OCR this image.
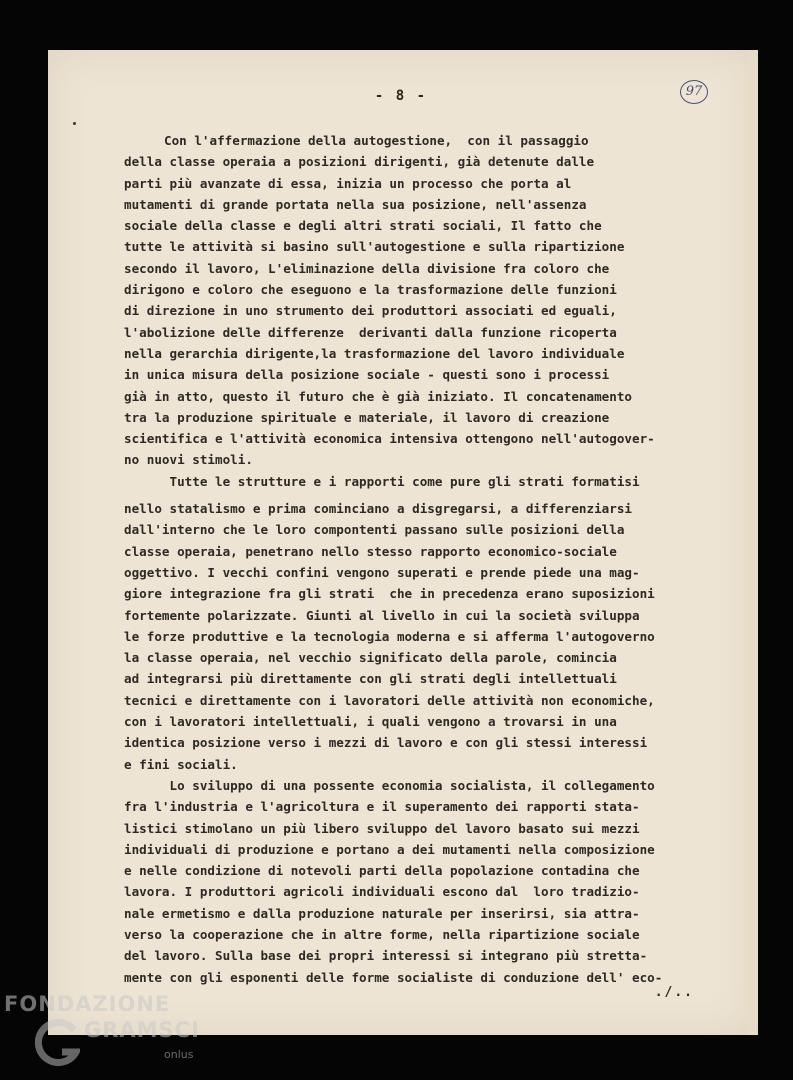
- 8 -	97
Con l'affermazione della autogestione,  con il passaggio
della classe operaia a posizioni dirigenti, già detenute dalle
parti più avanzate di essa, inizia un processo che porta al
mutamenti di grande portata nella sua posizione, nell'assenza
sociale della classe e degli altri strati sociali, Il fatto che
tutte le attività si basino sull'autogestione e sulla ripartizione
secondo il lavoro, L'eliminazione della divisione fra coloro che
dirigono e coloro che eseguono e la trasformazione delle funzioni
di direzione in uno strumento dei produttori associati ed eguali,
l'abolizione delle differenze  derivanti dalla funzione ricoperta
nella gerarchia dirigente,la trasformazione del lavoro individuale
in unica misura della posizione sociale - questi sono i processi
già in atto, questo il futuro che è già iniziato. Il concatenamento
tra la produzione spirituale e materiale, il lavoro di creazione
scientifica e l'attività economica intensiva ottengono nell'autogover-
no nuovi stimoli.
Tutte le strutture e i rapporti come pure gli strati formatisi
nello statalismo e prima cominciano a disgregarsi, a differenziarsi
dall'interno che le loro compontenti passano sulle posizioni della
classe operaia, penetrano nello stesso rapporto economico-sociale
oggettivo. I vecchi confini vengono superati e prende piede una mag-
giore integrazione fra gli strati  che in precedenza erano suposizioni
fortemente polarizzate. Giunti al livello in cui la società sviluppa
le forze produttive e la tecnologia moderna e si afferma l'autogoverno
la classe operaia, nel vecchio significato della parole, comincia
ad integrarsi più direttamente con gli strati degli intellettuali
tecnici e direttamente con i lavoratori delle attività non economiche,
con i lavoratori intellettuali, i quali vengono a trovarsi in una
identica posizione verso i mezzi di lavoro e con gli stessi interessi
e fini sociali.
Lo sviluppo di una possente economia socialista, il collegamento
fra l'industria e l'agricoltura e il superamento dei rapporti stata-
listici stimolano un più libero sviluppo del lavoro basato sui mezzi
individuali di produzione e portano a dei mutamenti nella composizione
e nelle condizione di notevoli parti della popolazione contadina che
lavora. I produttori agricoli individuali escono dal  loro tradizio-
nale ermetismo e dalla produzione naturale per inserirsi, sia attra-
verso la cooperazione che in altre forme, nella ripartizione sociale
del lavoro. Sulla base dei propri interessi si integrano più stretta-
mente con gli esponenti delle forme socialiste di conduzione dell' eco-
./..
FONDAZIONE
GRAMSCI
onlus
